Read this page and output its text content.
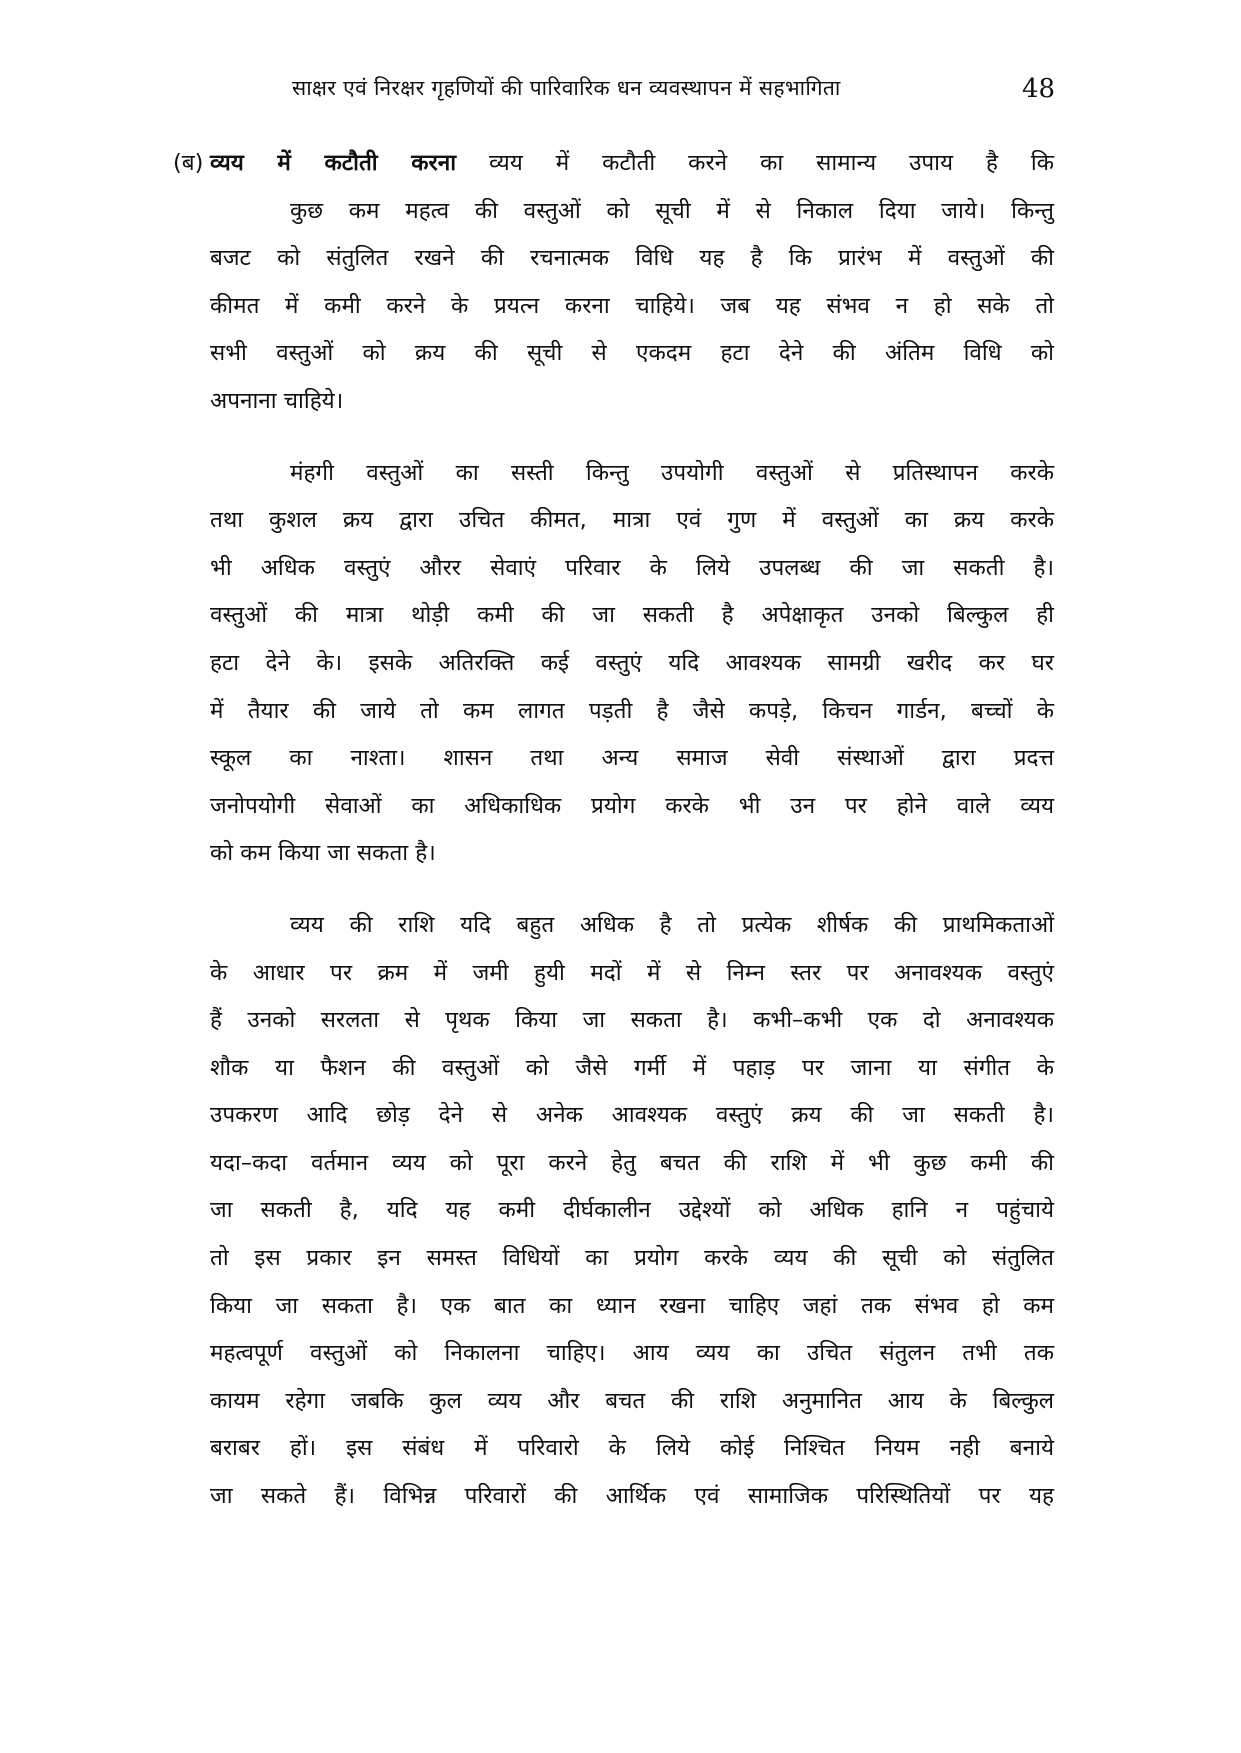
साक्षर एवं निरक्षर गृहणियों की पारिवारिक धन व्यवस्थापन में सहभागिता	48
(ब) व्यय में कटौती करना व्यय में कटौती करने का सामान्य उपाय है कि
कुछ कम महत्व की वस्तुओं को सूची में से निकाल दिया जाये। किन्तु
बजट को संतुलित रखने की रचनात्मक विधि यह है कि प्रारंभ में वस्तुओं की
कीमत में कमी करने के प्रयत्न करना चाहिये। जब यह संभव न हो सके तो
सभी वस्तुओं को क्रय की सूची से एकदम हटा देने की अंतिम विधि को
अपनाना चाहिये।
मंहगी वस्तुओं का सस्ती किन्तु उपयोगी वस्तुओं से प्रतिस्थापन करके
तथा कुशल क्रय द्वारा उचित कीमत, मात्रा एवं गुण में वस्तुओं का क्रय करके
भी अधिक वस्तुएं औरर सेवाएं परिवार के लिये उपलब्ध की जा सकती है।
वस्तुओं की मात्रा थोड़ी कमी की जा सकती है अपेक्षाकृत उनको बिल्कुल ही
हटा देने के। इसके अतिरक्ति कई वस्तुएं यदि आवश्यक सामग्री खरीद कर घर
में तैयार की जाये तो कम लागत पड़ती है जैसे कपड़े, किचन गार्डन, बच्चों के
स्कूल का नाश्ता। शासन तथा अन्य समाज सेवी संस्थाओं द्वारा प्रदत्त
जनोपयोगी सेवाओं का अधिकाधिक प्रयोग करके भी उन पर होने वाले व्यय
को कम किया जा सकता है।
व्यय की राशि यदि बहुत अधिक है तो प्रत्येक शीर्षक की प्राथमिकताओं
के आधार पर क्रम में जमी हुयी मदों में से निम्न स्तर पर अनावश्यक वस्तुएं
हैं उनको सरलता से पृथक किया जा सकता है। कभी–कभी एक दो अनावश्यक
शौक या फैशन की वस्तुओं को जैसे गर्मी में पहाड़ पर जाना या संगीत के
उपकरण आदि छोड़ देने से अनेक आवश्यक वस्तुएं क्रय की जा सकती है।
यदा–कदा वर्तमान व्यय को पूरा करने हेतु बचत की राशि में भी कुछ कमी की
जा सकती है, यदि यह कमी दीर्घकालीन उद्देश्यों को अधिक हानि न पहुंचाये
तो इस प्रकार इन समस्त विधियों का प्रयोग करके व्यय की सूची को संतुलित
किया जा सकता है। एक बात का ध्यान रखना चाहिए जहां तक संभव हो कम
महत्वपूर्ण वस्तुओं को निकालना चाहिए। आय व्यय का उचित संतुलन तभी तक
कायम रहेगा जबकि कुल व्यय और बचत की राशि अनुमानित आय के बिल्कुल
बराबर हों। इस संबंध में परिवारो के लिये कोई निश्चित नियम नही बनाये
जा सकते हैं। विभिन्न परिवारों की आर्थिक एवं सामाजिक परिस्थितियों पर यह
